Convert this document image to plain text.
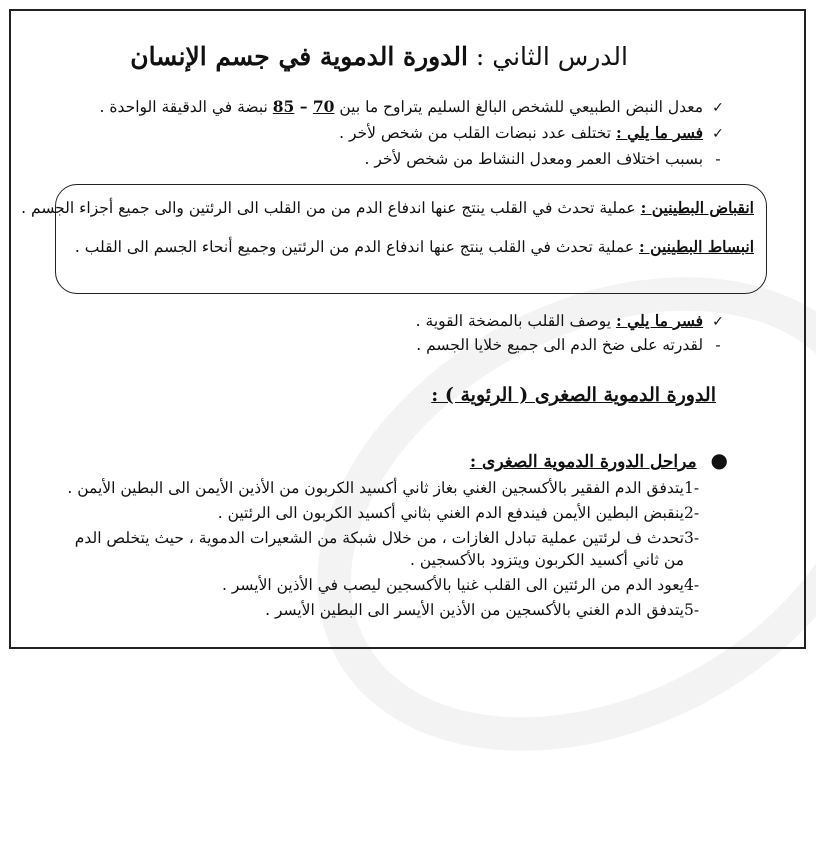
الدرس الثاني : الدورة الدموية في جسم الإنسان
✓ معدل النبض الطبيعي للشخص البالغ السليم يتراوح ما بين 70 – 85 نبضة في الدقيقة الواحدة .
✓ فسر ما يلي : تختلف عدد نبضات القلب من شخص لأخر .
- بسبب اختلاف العمر ومعدل النشاط من شخص لأخر .
انقباض البطينين : عملية تحدث في القلب ينتج عنها اندفاع الدم من من القلب الى الرئتين والى جميع أجزاء الجسم .
انبساط البطينين : عملية تحدث في القلب ينتج عنها اندفاع الدم من الرئتين وجميع أنحاء الجسم الى القلب .
✓ فسر ما يلي : يوصف القلب بالمضخة القوية .
- لقدرته على ضخ الدم الى جميع خلايا الجسم .
الدورة الدموية الصغرى ( الرئوية ) :
● مراحل الدورة الدموية الصغرى :
-1يتدفق الدم الفقير بالأكسجين الغني بغاز ثاني أكسيد الكربون من الأذين الأيمن الى البطين الأيمن .
-2ينقبض البطين الأيمن فيندفع الدم الغني بثاني أكسيد الكربون الى الرئتين .
-3تحدث ف لرئتين عملية تبادل الغازات ، من خلال شبكة من الشعيرات الدموية ، حيث يتخلص الدم
من ثاني أكسيد الكربون ويتزود بالأكسجين .
-4يعود الدم من الرئتين الى القلب غنيا بالأكسجين ليصب في الأذين الأيسر .
-5يتدفق الدم الغني بالأكسجين من الأذين الأيسر الى البطين الأيسر .
